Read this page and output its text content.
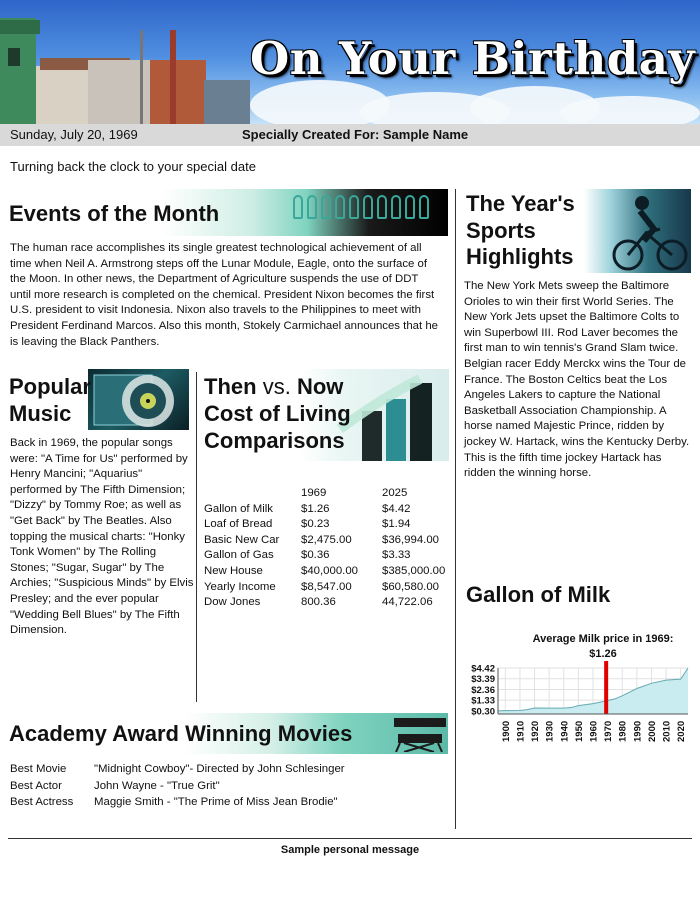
On Your Birthday
Sunday, July 20, 1969	Specially Created For: Sample Name
Turning back the clock to your special date
Events of the Month
The human race accomplishes its single greatest technological achievement of all time when Neil A. Armstrong steps off the Lunar Module, Eagle, onto the surface of the Moon. In other news, the Department of Agriculture suspends the use of DDT until more research is completed on the chemical. President Nixon becomes the first U.S. president to visit Indonesia. Nixon also travels to the Philippines to meet with President Ferdinand Marcos. Also this month, Stokely Carmichael announces that he is leaving the Black Panthers.
Popular
Music
Back in 1969, the popular songs were: "A Time for Us" performed by Henry Mancini; "Aquarius" performed by The Fifth Dimension; "Dizzy" by Tommy Roe; as well as "Get Back" by The Beatles. Also topping the musical charts: "Honky Tonk Women" by The Rolling Stones; "Sugar, Sugar" by The Archies; "Suspicious Minds" by Elvis Presley; and the ever popular "Wedding Bell Blues" by The Fifth Dimension.
Then vs. Now
Cost of Living
Comparisons
	1969	2025
Gallon of Milk	$1.26	$4.42
Loaf of Bread	$0.23	$1.94
Basic New Car	$2,475.00	$36,994.00
Gallon of Gas	$0.36	$3.33
New House	$40,000.00	$385,000.00
Yearly Income	$8,547.00	$60,580.00
Dow Jones	800.36	44,722.06
The Year's
Sports
Highlights
The New York Mets sweep the Baltimore Orioles to win their first World Series. The New York Jets upset the Baltimore Colts to win Superbowl III. Rod Laver becomes the first man to win tennis's Grand Slam twice. Belgian racer Eddy Merckx wins the Tour de France. The Boston Celtics beat the Los Angeles Lakers to capture the National Basketball Association Championship. A horse named Majestic Prince, ridden by jockey W. Hartack, wins the Kentucky Derby. This is the fifth time jockey Hartack has ridden the winning horse.
Gallon of Milk
Average Milk price in 1969:
$1.26
$4.42
$3.39
$2.36
$1.33
$0.30
1900 1910 1920 1930 1940 1950 1960 1970 1980 1990 2000 2010 2020
Academy Award Winning Movies
Best Movie	"Midnight Cowboy"- Directed by John Schlesinger
Best Actor	John Wayne - "True Grit"
Best Actress	Maggie Smith - "The Prime of Miss Jean Brodie"
Sample personal message
